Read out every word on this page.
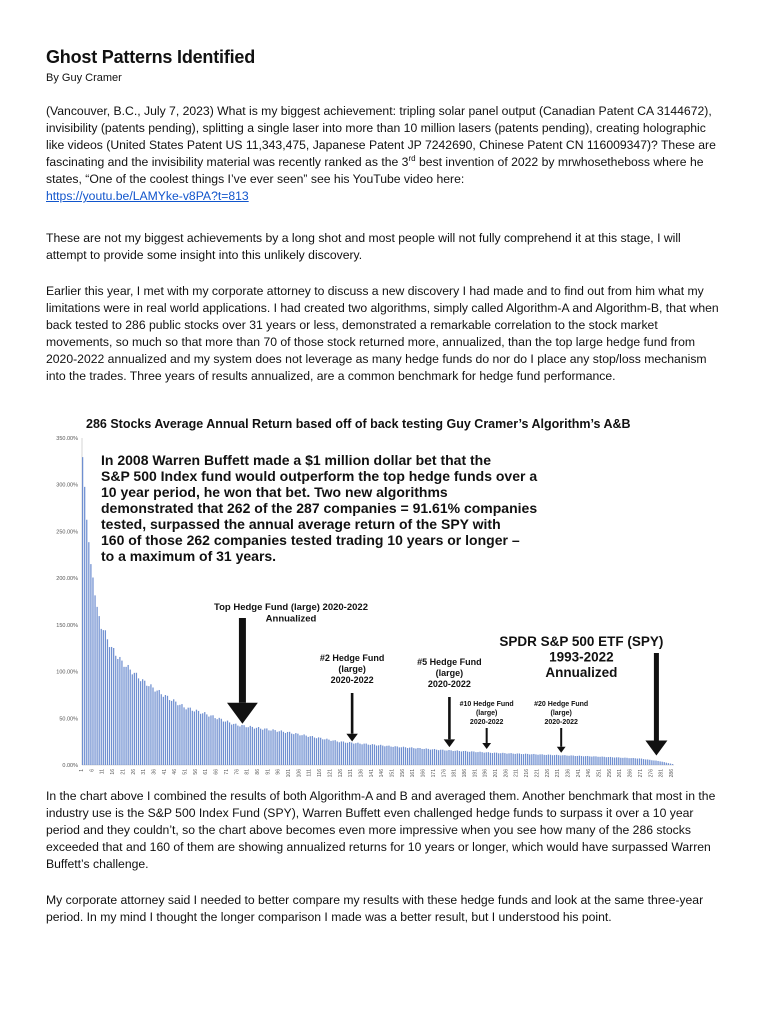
Ghost Patterns Identified
By Guy Cramer

(Vancouver, B.C., July 7, 2023) What is my biggest achievement: tripling solar panel output (Canadian Patent CA 3144672), invisibility (patents pending), splitting a single laser into more than 10 million lasers (patents pending), creating holographic like videos (United States Patent US 11,343,475, Japanese Patent JP 7242690, Chinese Patent CN 116009347)? These are fascinating and the invisibility material was recently ranked as the 3rd best invention of 2022 by mrwhosetheboss where he states, “One of the coolest things I’ve ever seen” see his YouTube video here:
https://youtu.be/LAMYke-v8PA?t=813

These are not my biggest achievements by a long shot and most people will not fully comprehend it at this stage, I will attempt to provide some insight into this unlikely discovery.

Earlier this year, I met with my corporate attorney to discuss a new discovery I had made and to find out from him what my limitations were in real world applications. I had created two algorithms, simply called Algorithm-A and Algorithm-B, that when back tested to 286 public stocks over 31 years or less, demonstrated a remarkable correlation to the stock market movements, so much so that more than 70 of those stock returned more, annualized, than the top large hedge fund from 2020-2022 annualized and my system does not leverage as many hedge funds do nor do I place any stop/loss mechanism into the trades. Three years of results annualized, are a common benchmark for hedge fund performance.

286 Stocks Average Annual Return based off of back testing Guy Cramer’s Algorithm’s A&B
0.00%
50.00%
100.00%
150.00%
200.00%
250.00%
300.00%
350.00%
1 6 11 16 21 26 31 36 41 46 51 56 61 66 71 76 81 86 91 96 101 106 111 116 121 126 131 136 141 146 151 156 161 166 171 176 181 186 191 196 201 206 211 216 221 226 231 236 241 246 251 256 261 266 271 276 281 286
In 2008 Warren Buffett made a $1 million dollar bet that the
S&P 500 Index fund would outperform the top hedge funds over a
10 year period, he won that bet. Two new algorithms
demonstrated that 262 of the 287 companies = 91.61% companies
tested, surpassed the annual average return of the SPY with
160 of those 262 companies tested trading 10 years or longer –
to a maximum of 31 years.
Top Hedge Fund (large) 2020-2022
Annualized
#2 Hedge Fund
(large)
2020-2022
#5 Hedge Fund
(large)
2020-2022
#10 Hedge Fund
(large)
2020-2022
#20 Hedge Fund
(large)
2020-2022
SPDR S&P 500 ETF (SPY)
1993-2022
Annualized

In the chart above I combined the results of both Algorithm-A and B and averaged them. Another benchmark that most in the industry use is the S&P 500 Index Fund (SPY), Warren Buffett even challenged hedge funds to surpass it over a 10 year period and they couldn’t, so the chart above becomes even more impressive when you see how many of the 286 stocks exceeded that and 160 of them are showing annualized returns for 10 years or longer, which would have surpassed Warren Buffett’s challenge.

My corporate attorney said I needed to better compare my results with these hedge funds and look at the same three-year period. In my mind I thought the longer comparison I made was a better result, but I understood his point.
